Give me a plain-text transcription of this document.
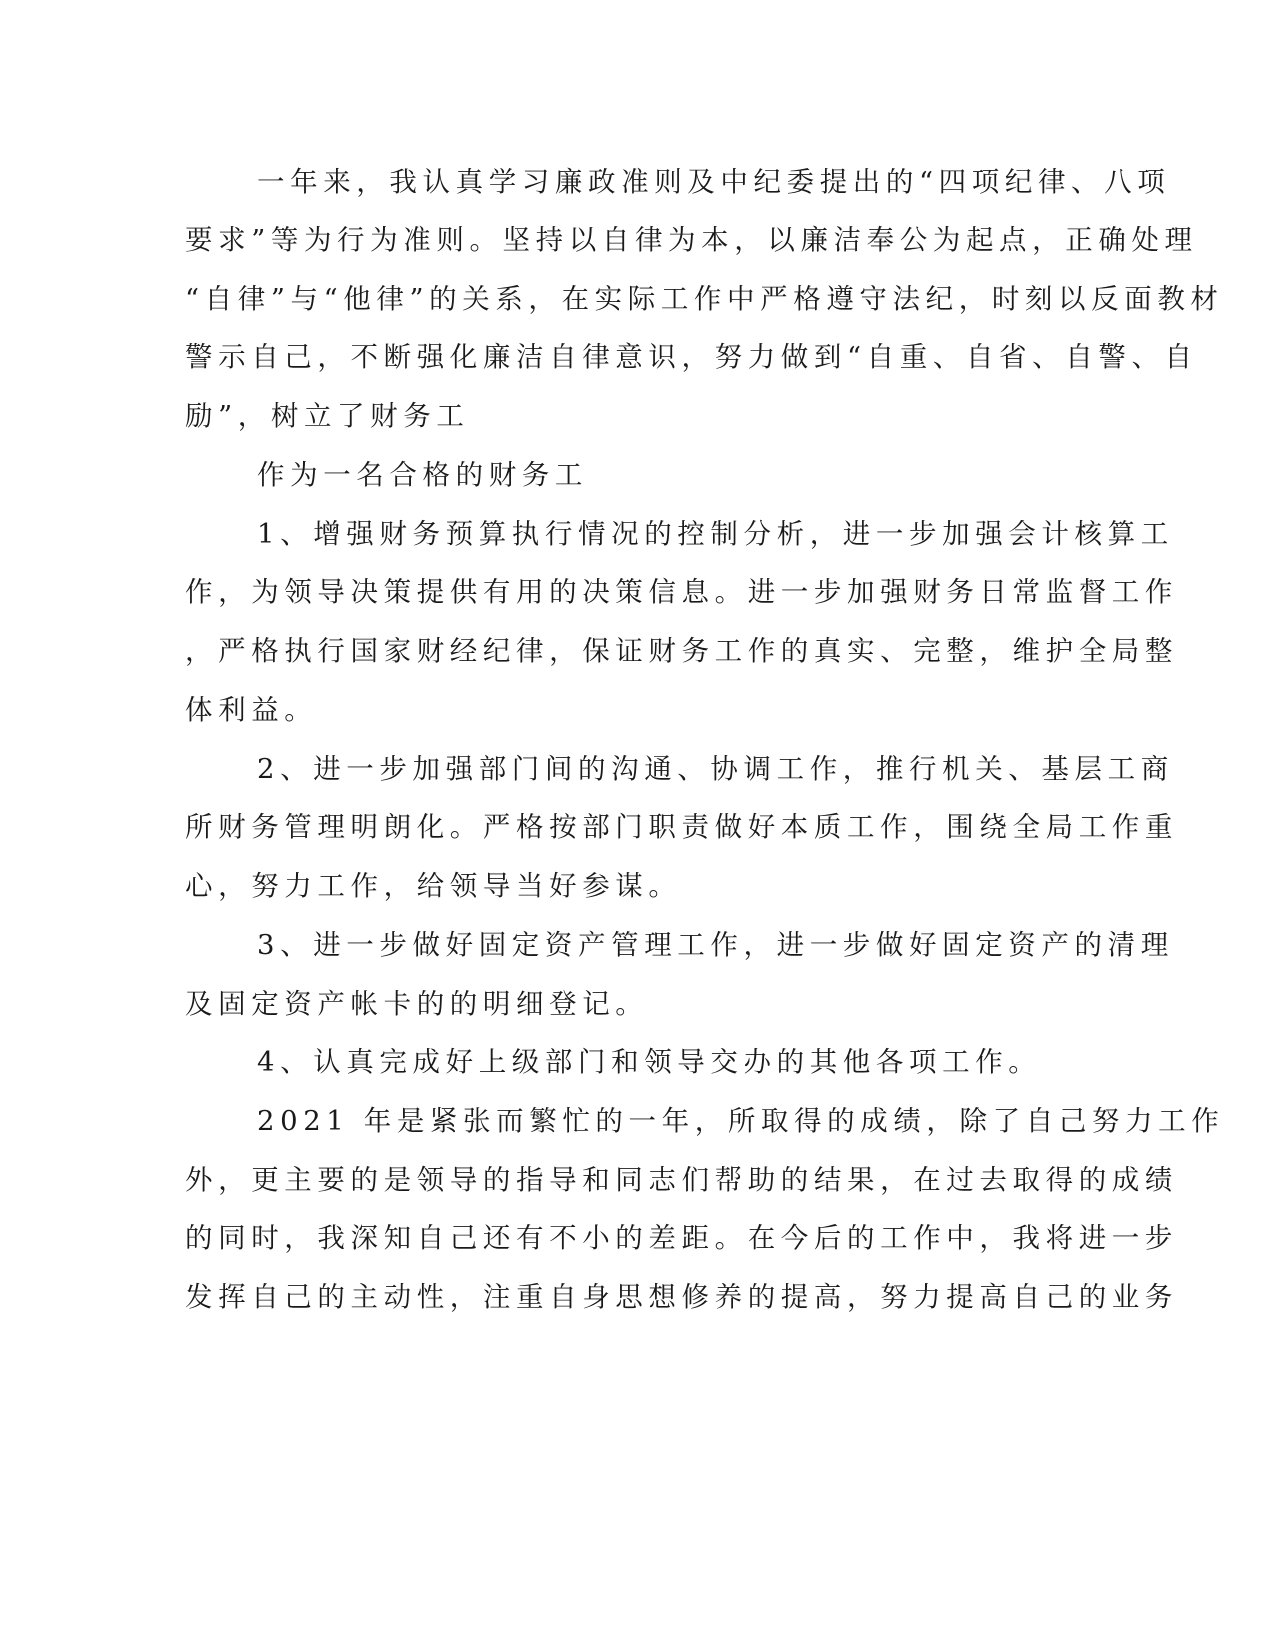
一年来，我认真学习廉政准则及中纪委提出的“四项纪律、八项
要求”等为行为准则。坚持以自律为本，以廉洁奉公为起点，正确处理
“自律”与“他律”的关系，在实际工作中严格遵守法纪，时刻以反面教材
警示自己，不断强化廉洁自律意识，努力做到“自重、自省、自警、自
励”，树立了财务工
作为一名合格的财务工
1、增强财务预算执行情况的控制分析，进一步加强会计核算工
作，为领导决策提供有用的决策信息。进一步加强财务日常监督工作
，严格执行国家财经纪律，保证财务工作的真实、完整，维护全局整
体利益。
2、进一步加强部门间的沟通、协调工作，推行机关、基层工商
所财务管理明朗化。严格按部门职责做好本质工作，围绕全局工作重
心，努力工作，给领导当好参谋。
3、进一步做好固定资产管理工作，进一步做好固定资产的清理
及固定资产帐卡的的明细登记。
4、认真完成好上级部门和领导交办的其他各项工作。
2021 年是紧张而繁忙的一年，所取得的成绩，除了自己努力工作
外，更主要的是领导的指导和同志们帮助的结果，在过去取得的成绩
的同时，我深知自己还有不小的差距。在今后的工作中，我将进一步
发挥自己的主动性，注重自身思想修养的提高，努力提高自己的业务
